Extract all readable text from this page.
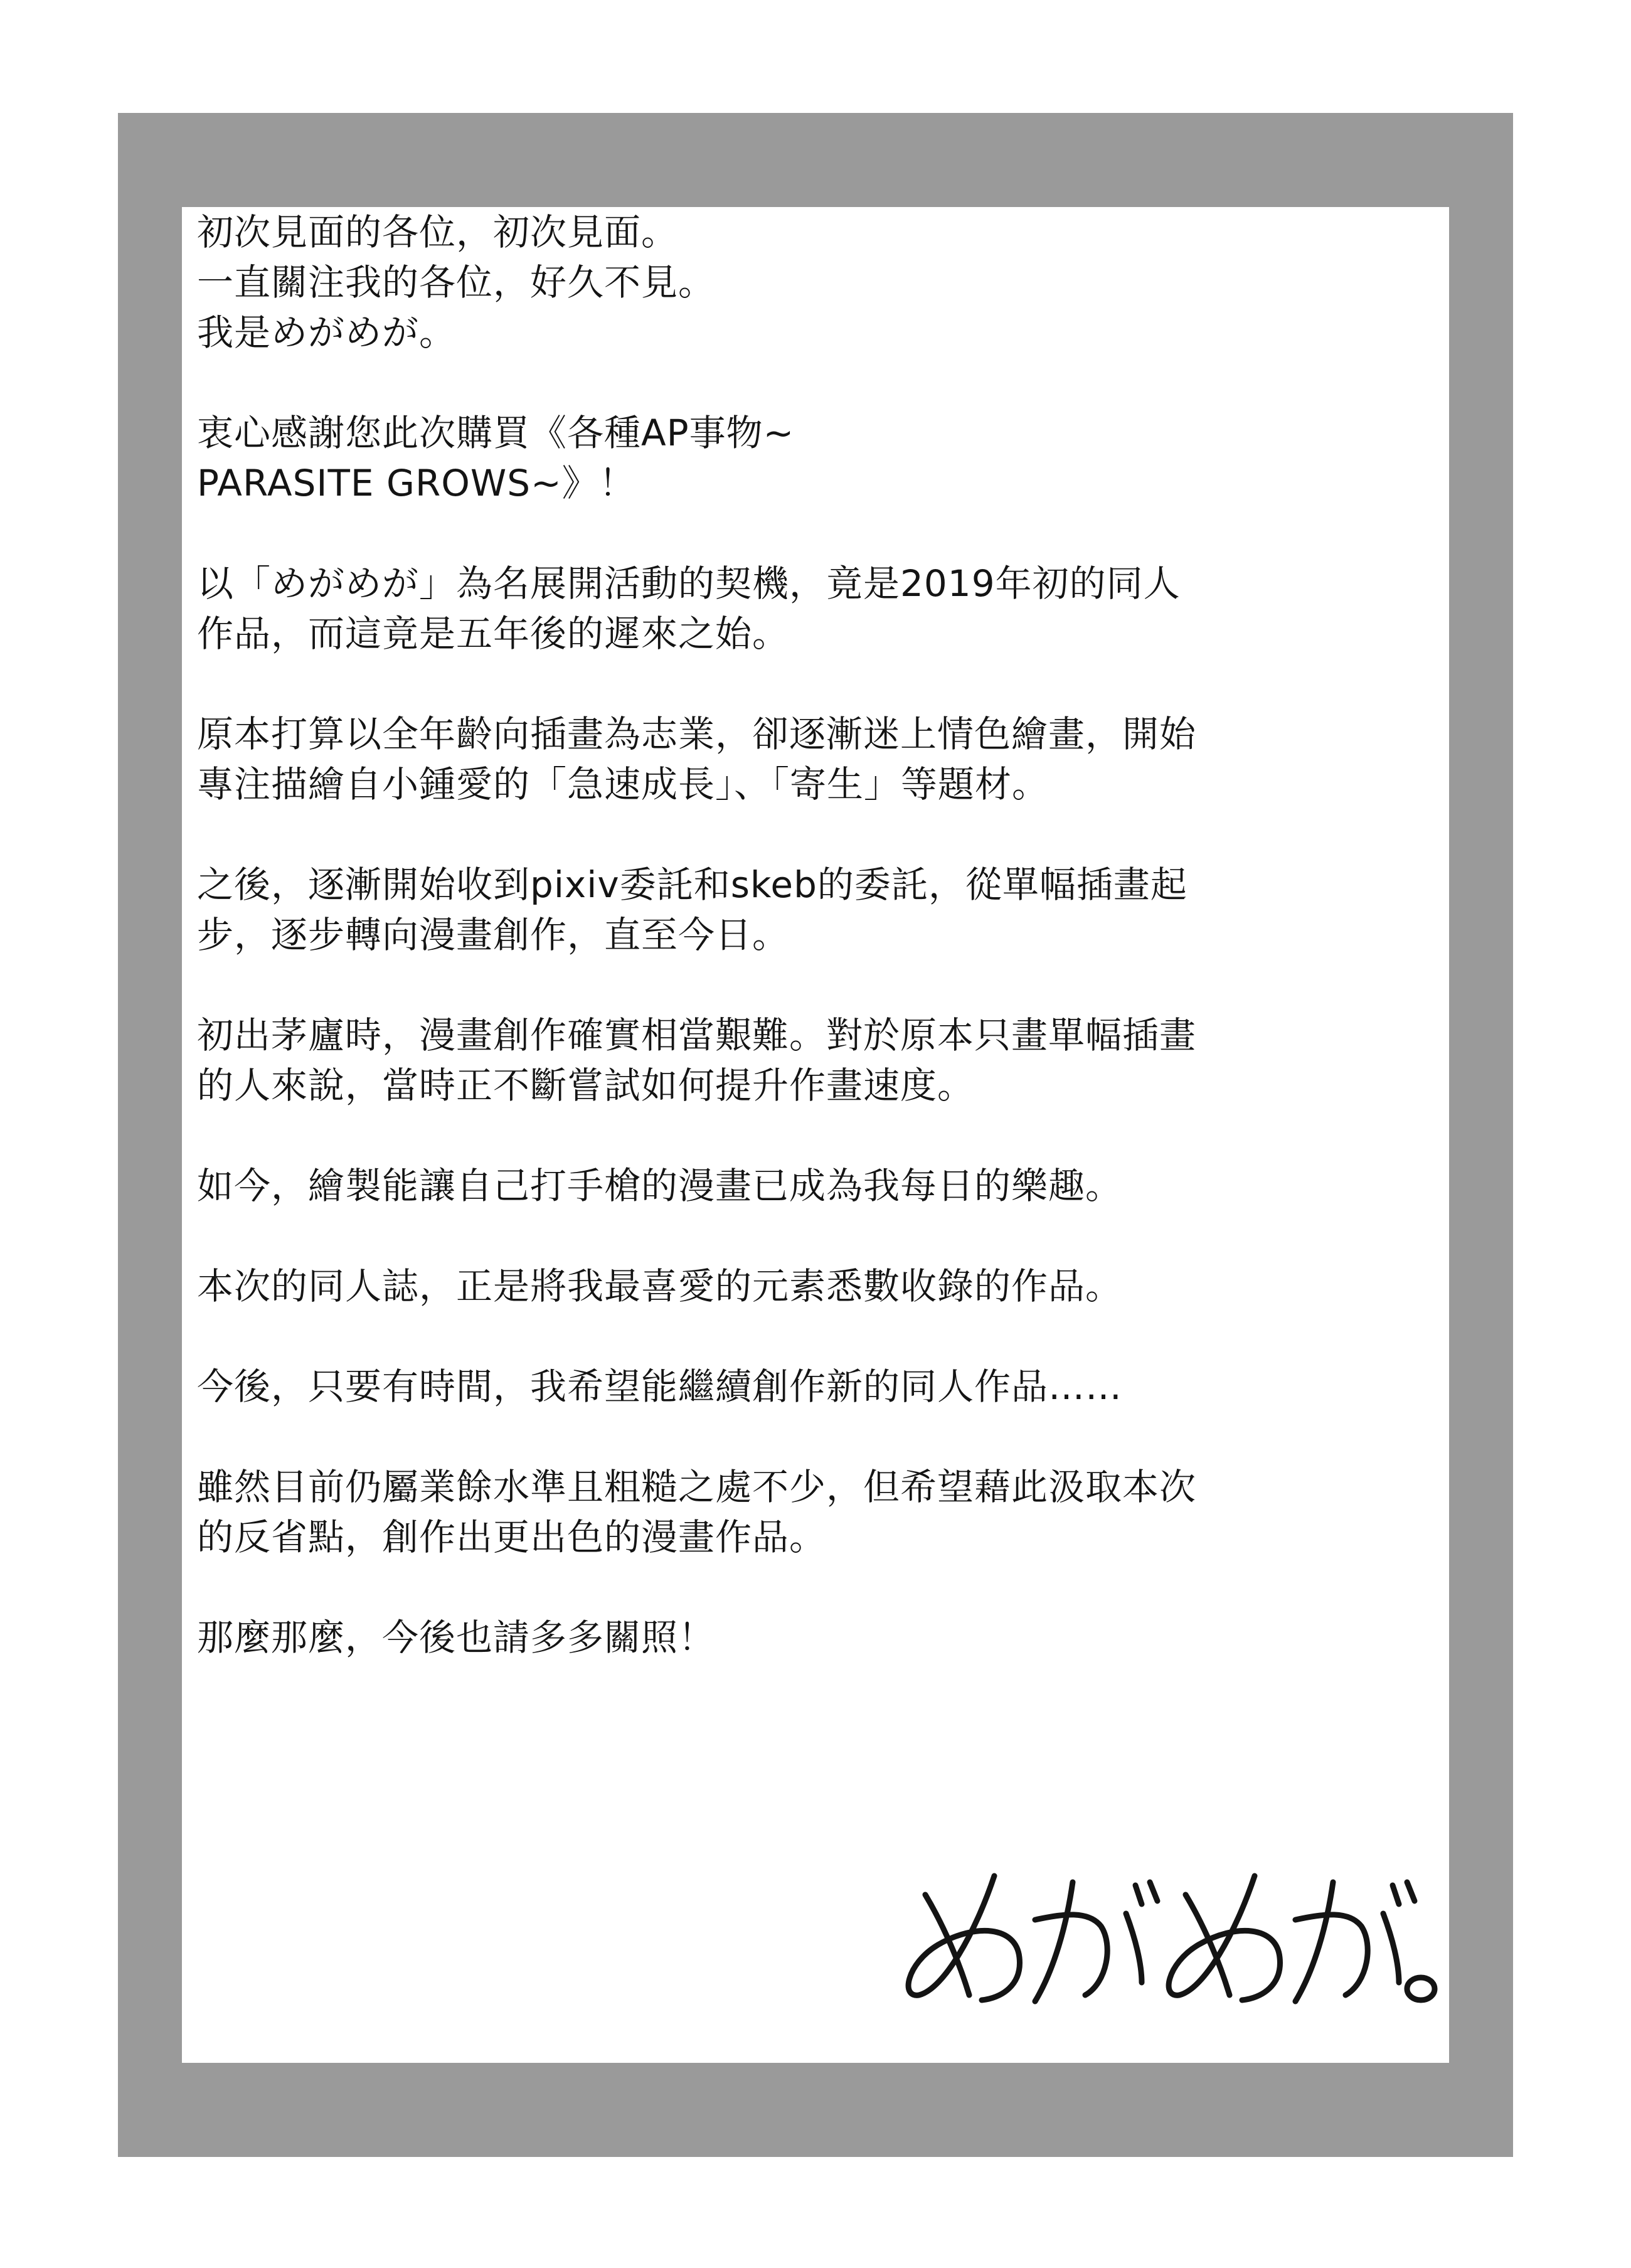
初次見面的各位，初次見面。
一直關注我的各位，好久不見。
我是めがめが。

衷心感謝您此次購買《各種AP事物~
PARASITE GROWS~》！

以「めがめが」為名展開活動的契機，竟是2019年初的同人
作品，而這竟是五年後的遲來之始。

原本打算以全年齡向插畫為志業，卻逐漸迷上情色繪畫，開始
專注描繪自小鍾愛的「急速成長」、「寄生」等題材。

之後，逐漸開始收到pixiv委託和skeb的委託，從單幅插畫起
步，逐步轉向漫畫創作，直至今日。

初出茅廬時，漫畫創作確實相當艱難。對於原本只畫單幅插畫
的人來說，當時正不斷嘗試如何提升作畫速度。

如今，繪製能讓自己打手槍的漫畫已成為我每日的樂趣。

本次的同人誌，正是將我最喜愛的元素悉數收錄的作品。

今後，只要有時間，我希望能繼續創作新的同人作品……

雖然目前仍屬業餘水準且粗糙之處不少，但希望藉此汲取本次
的反省點，創作出更出色的漫畫作品。

那麼那麼，今後也請多多關照！
